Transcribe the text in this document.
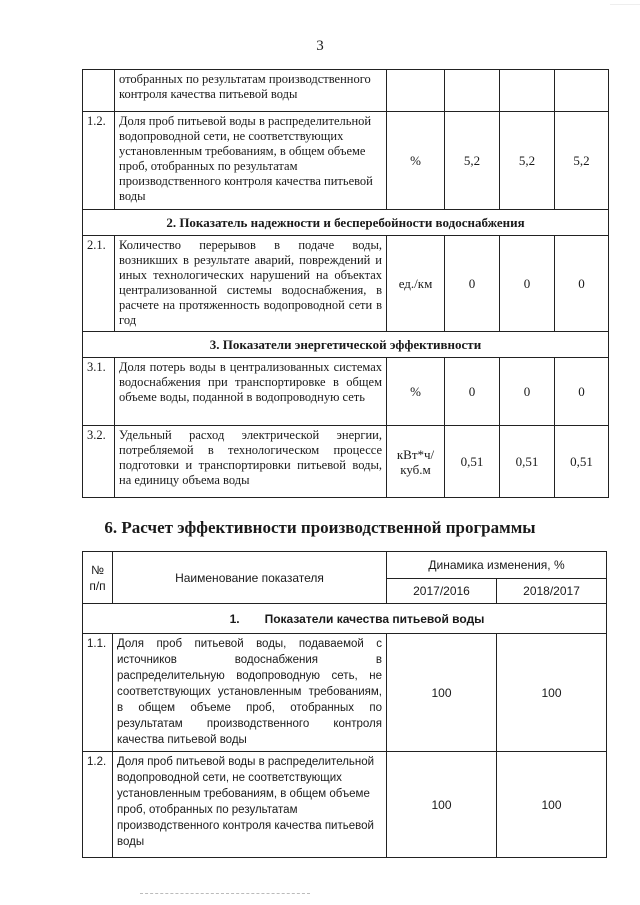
3
	отобранных по результатам производственного контроля качества питьевой воды				
1.2.	Доля проб питьевой воды в распределительной водопроводной сети, не соответствующих установленным требованиям, в общем объеме проб, отобранных по результатам производственного контроля качества питьевой воды	%	5,2	5,2	5,2
2. Показатель надежности и бесперебойности водоснабжения					
2.1.	Количество перерывов в подаче воды, возникших в результате аварий, повреждений и иных технологических нарушений на объектах централизованной системы водоснабжения, в расчете на протяженность водопроводной сети в год	ед./км	0	0	0
3. Показатели энергетической эффективности					
3.1.	Доля потерь воды в централизованных системах водоснабжения при транспортировке в общем объеме воды, поданной в водопроводную сеть	%	0	0	0
3.2.	Удельный расход электрической энергии, потребляемой в технологическом процессе подготовки и транспортировки питьевой воды, на единицу объема воды	кВт*ч/ куб.м	0,51	0,51	0,51
6. Расчет эффективности производственной программы
№ п/п	Наименование показателя	Динамика изменения, %	
		2017/2016	2018/2017
1. Показатели качества питьевой воды			
1.1.	Доля проб питьевой воды, подаваемой с источников водоснабжения в распределительную водопроводную сеть, не соответствующих установленным требованиям, в общем объеме проб, отобранных по результатам производственного контроля качества питьевой воды	100	100
1.2.	Доля проб питьевой воды в распределительной водопроводной сети, не соответствующих установленным требованиям, в общем объеме проб, отобранных по результатам производственного контроля качества питьевой воды	100	100
